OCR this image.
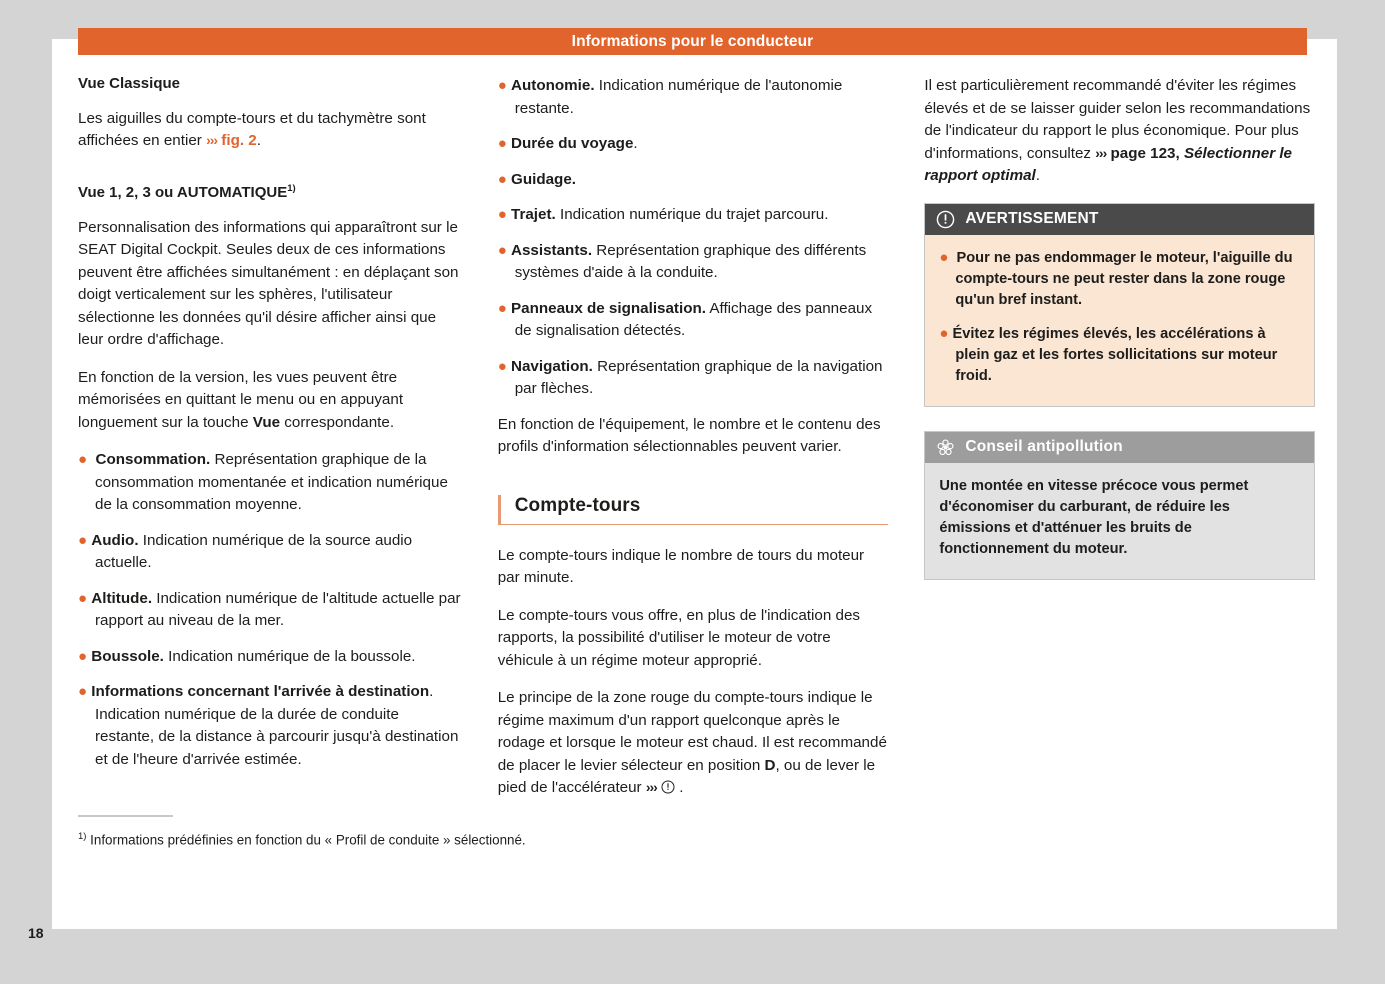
Informations pour le conducteur
18
Vue Classique

Les aiguilles du compte-tours et du tachymètre sont affichées en entier ››› fig. 2.

Vue 1, 2, 3 ou AUTOMATIQUE$^{1)}$

Personnalisation des informations qui apparaîtront sur le SEAT Digital Cockpit. Seules deux de ces informations peuvent être affichées simultanément : en déplaçant son doigt verticalement sur les sphères, l'utilisateur sélectionne les données qu'il désire afficher ainsi que leur ordre d'affichage.

En fonction de la version, les vues peuvent être mémorisées en quittant le menu ou en appuyant longuement sur la touche Vue correspondante.

● Consommation. Représentation graphique de la consommation momentanée et indication numérique de la consommation moyenne.

● Audio. Indication numérique de la source audio actuelle.

● Altitude. Indication numérique de l'altitude actuelle par rapport au niveau de la mer.

● Boussole. Indication numérique de la boussole.

● Informations concernant l'arrivée à destination. Indication numérique de la durée de conduite restante, de la distance à parcourir jusqu'à destination et de l'heure d'arrivée estimée.

$^{1)}$ Informations prédéfinies en fonction du « Profil de conduite » sélectionné.

● Autonomie. Indication numérique de l'autonomie restante.

● Durée du voyage.

● Guidage.

● Trajet. Indication numérique du trajet parcouru.

● Assistants. Représentation graphique des différents systèmes d'aide à la conduite.

● Panneaux de signalisation. Affichage des panneaux de signalisation détectés.

● Navigation. Représentation graphique de la navigation par flèches.

En fonction de l'équipement, le nombre et le contenu des profils d'information sélectionnables peuvent varier.

Compte-tours

Le compte-tours indique le nombre de tours du moteur par minute.

Le compte-tours vous offre, en plus de l'indication des rapports, la possibilité d'utiliser le moteur de votre véhicule à un régime moteur approprié.

Le principe de la zone rouge du compte-tours indique le régime maximum d'un rapport quelconque après le rodage et lorsque le moteur est chaud. Il est recommandé de placer le levier sélecteur en position D, ou de lever le pied de l'accélérateur ›››  .

Il est particulièrement recommandé d'éviter les régimes élevés et de se laisser guider selon les recommandations de l'indicateur du rapport le plus économique. Pour plus d'informations, consultez ››› page 123, Sélectionner le rapport optimal.

AVERTISSEMENT

● Pour ne pas endommager le moteur, l'aiguille du compte-tours ne peut rester dans la zone rouge qu'un bref instant.

● Évitez les régimes élevés, les accélérations à plein gaz et les fortes sollicitations sur moteur froid.

Conseil antipollution

Une montée en vitesse précoce vous permet d'économiser du carburant, de réduire les émissions et d'atténuer les bruits de fonctionnement du moteur.
